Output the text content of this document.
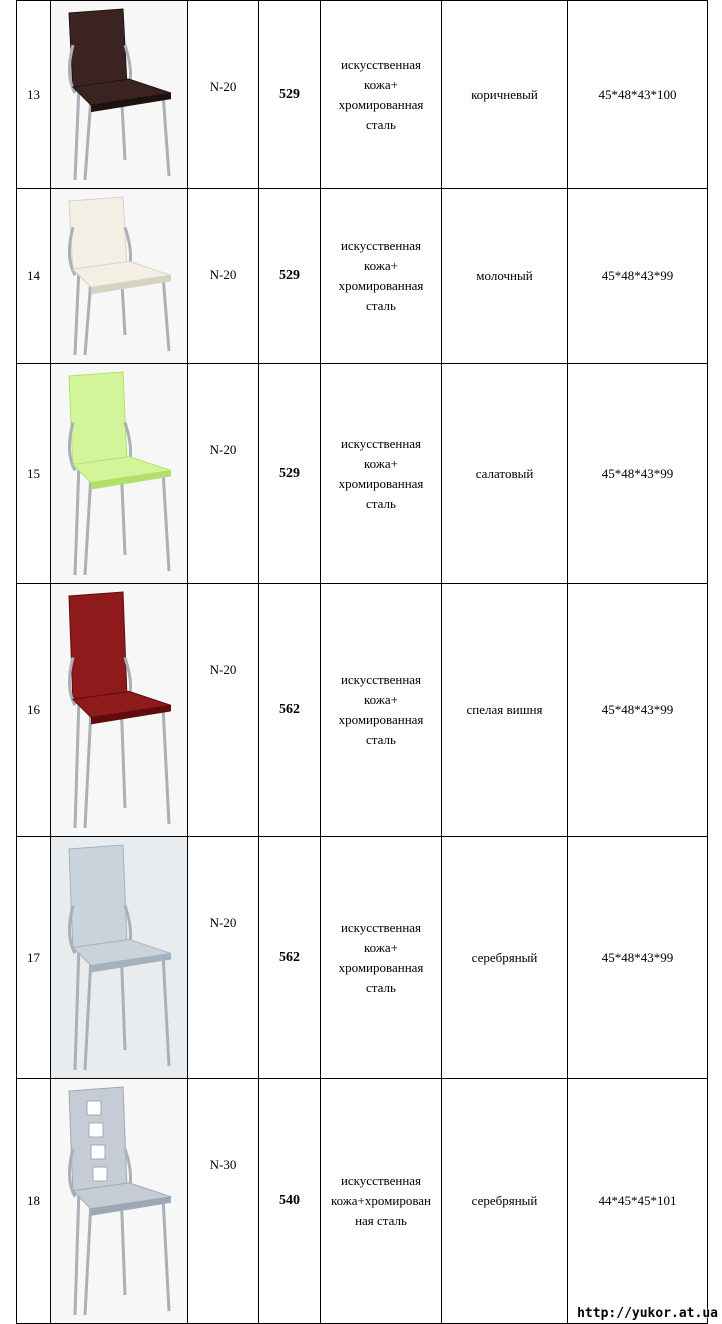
13		N-20	529	искусственная кожа+ хромированная сталь	коричневый	45*48*43*100
14		N-20	529	искусственная кожа+ хромированная сталь	молочный	45*48*43*99
15		N-20	529	искусственная кожа+ хромированная сталь	салатовый	45*48*43*99
16		N-20	562	искусственная кожа+ хромированная сталь	спелая вишня	45*48*43*99
17		N-20	562	искусственная кожа+ хромированная сталь	серебряный	45*48*43*99
18		N-30	540	искусственная кожа+хромирован ная сталь	серебряный	44*45*45*101
http://yukor.at.ua
